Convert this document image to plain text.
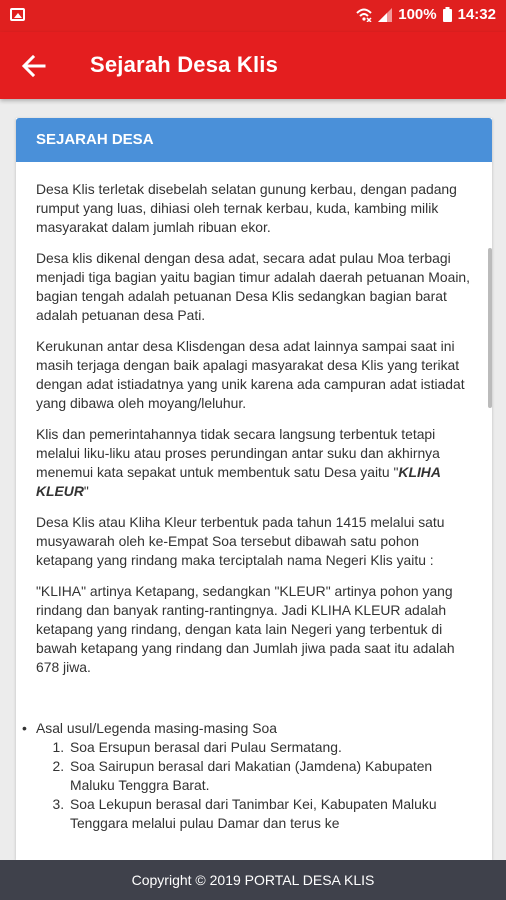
100% 14:32
Sejarah Desa Klis
SEJARAH DESA

Desa Klis terletak disebelah selatan gunung kerbau, dengan padang rumput yang luas, dihiasi oleh ternak kerbau, kuda, kambing milik masyarakat dalam jumlah ribuan ekor.

Desa klis dikenal dengan desa adat, secara adat pulau Moa terbagi menjadi tiga bagian yaitu bagian timur adalah daerah petuanan Moain, bagian tengah adalah petuanan Desa Klis sedangkan bagian barat adalah petuanan desa Pati.

Kerukunan antar desa Klisdengan desa adat lainnya sampai saat ini masih terjaga dengan baik apalagi masyarakat desa Klis yang terikat dengan adat istiadatnya yang unik karena ada campuran adat istiadat yang dibawa oleh moyang/leluhur.

Klis dan pemerintahannya tidak secara langsung terbentuk tetapi melalui liku-liku atau proses perundingan antar suku dan akhirnya menemui kata sepakat untuk membentuk satu Desa yaitu "KLIHA KLEUR"

Desa Klis atau Kliha Kleur terbentuk pada tahun 1415 melalui satu musyawarah oleh ke-Empat Soa tersebut dibawah satu pohon ketapang yang rindang maka terciptalah nama Negeri Klis yaitu :

"KLIHA" artinya Ketapang, sedangkan "KLEUR" artinya pohon yang rindang dan banyak ranting-rantingnya. Jadi KLIHA KLEUR adalah ketapang yang rindang, dengan kata lain Negeri yang terbentuk di bawah ketapang yang rindang dan Jumlah jiwa pada saat itu adalah 678 jiwa.

• Asal usul/Legenda masing-masing Soa
1. Soa Ersupun berasal dari Pulau Sermatang.
2. Soa Sairupun berasal dari Makatian (Jamdena) Kabupaten Maluku Tenggra Barat.
3. Soa Lekupun berasal dari Tanimbar Kei, Kabupaten Maluku Tenggara melalui pulau Damar dan terus ke
Copyright © 2019 PORTAL DESA KLIS
